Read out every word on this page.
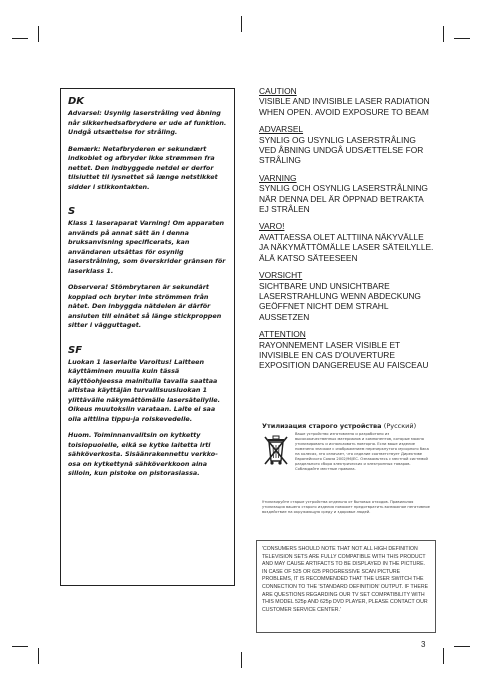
DK

Advarsel: Usynlig laserstråling ved åbning når sikkerhedsafbrydere er ude af funktion. Undgå utsættelse for stråling.

Bemærk: Netafbryderen er sekundært indkoblet og afbryder ikke strømmen fra nettet. Den indbyggede netdel er derfor tilsluttet til lysnettet så længe netstikket sidder i stikkontakten.

S

Klass 1 laseraparat Varning! Om apparaten används på annat sätt än i denna bruksanvisning specificerats, kan användaren utsättas för osynlig laserstrålning, som överskrider gränsen för laserklass 1.

Observera! Stömbrytaren är sekundärt kopplad och bryter inte strömmen från nätet. Den inbyggda nätdelen är därför ansluten till elnätet så länge stickproppen sitter i vägguttaget.

SF

Luokan 1 laserlaite Varoitus! Laitteen käyttäminen muulla kuin tässä käyttöohjeessa mainitulla tavalla saattaa altistaa käyttäjän turvallisuusluokan 1 ylittävälle näkymättömälle lasersäteilylle. Oikeus muutoksiin varataan. Laite ei saa olla alttiina tippu-ja roiskevedelle.

Huom. Toiminnanvalitsin on kytketty toisiopuolelle, eikä se kytke laitetta irti sähköverkosta. Sisäänrakennettu verkko-osa on kytkettynä sähköverkkoon aina silloin, kun pistoke on pistorasiassa.

CAUTION
VISIBLE AND INVISIBLE LASER RADIATION WHEN OPEN. AVOID EXPOSURE TO BEAM
ADVARSEL
SYNLIG OG USYNLIG LASERSTRÅLING VED ÅBNING UNDGÅ UDSÆTTELSE FOR STRÅLING
VARNING
SYNLIG OCH OSYNLIG LASERSTRÅLNING NÄR DENNA DEL ÄR ÖPPNAD BETRAKTA EJ STRÅLEN
VARO!
AVATTAESSA OLET ALTTIINA NÄKYVÄLLE JA NÄKYMÄTTÖMÄLLE LASER SÄTEILYLLE. ÄLÄ KATSO SÄTEESEEN
VORSICHT
SICHTBARE UND UNSICHTBARE LASERSTRAHLUNG WENN ABDECKUNG GEÖFFNET NICHT DEM STRAHL AUSSETZEN
ATTENTION
RAYONNEMENT LASER VISIBLE ET INVISIBLE EN CAS D'OUVERTURE EXPOSITION DANGEREUSE AU FAISCEAU
Утилизация старого устройства (Русский)
Ваше устройство изготовлено и разработано из высококачественных материалов и компонентов, которые можно утилизировать и использовать повторно. Если ваше изделие помечено значком с изображением перечеркнутого мусорного бака на колесах, это означает, что изделие соответствует Директиве Европейского Союза 2002/96/EC. Ознакомьтесь с местной системой раздельного сбора электрических и электронных товаров. Соблюдайте местные правила.
Утилизируйте старые устройства отдельно от бытовых отходов. Правильная утилизация вашего старого изделия поможет предотвратить возможное негативное воздействие на окружающую среду и здоровье людей.
'CONSUMERS SHOULD NOTE THAT NOT ALL HIGH DEFINITION TELEVISION SETS ARE FULLY COMPATIBLE WITH THIS PRODUCT AND MAY CAUSE ARTIFACTS TO BE DISPLAYED IN THE PICTURE. IN CASE OF 525 OR 625 PROGRESSIVE SCAN PICTURE PROBLEMS, IT IS RECOMMENDED THAT THE USER SWITCH THE CONNECTION TO THE 'STANDARD DEFINITION' OUTPUT. IF THERE ARE QUESTIONS REGARDING OUR TV SET COMPATIBILITY WITH THIS MODEL 525p AND 625p DVD PLAYER, PLEASE CONTACT OUR CUSTOMER SERVICE CENTER.'
3
